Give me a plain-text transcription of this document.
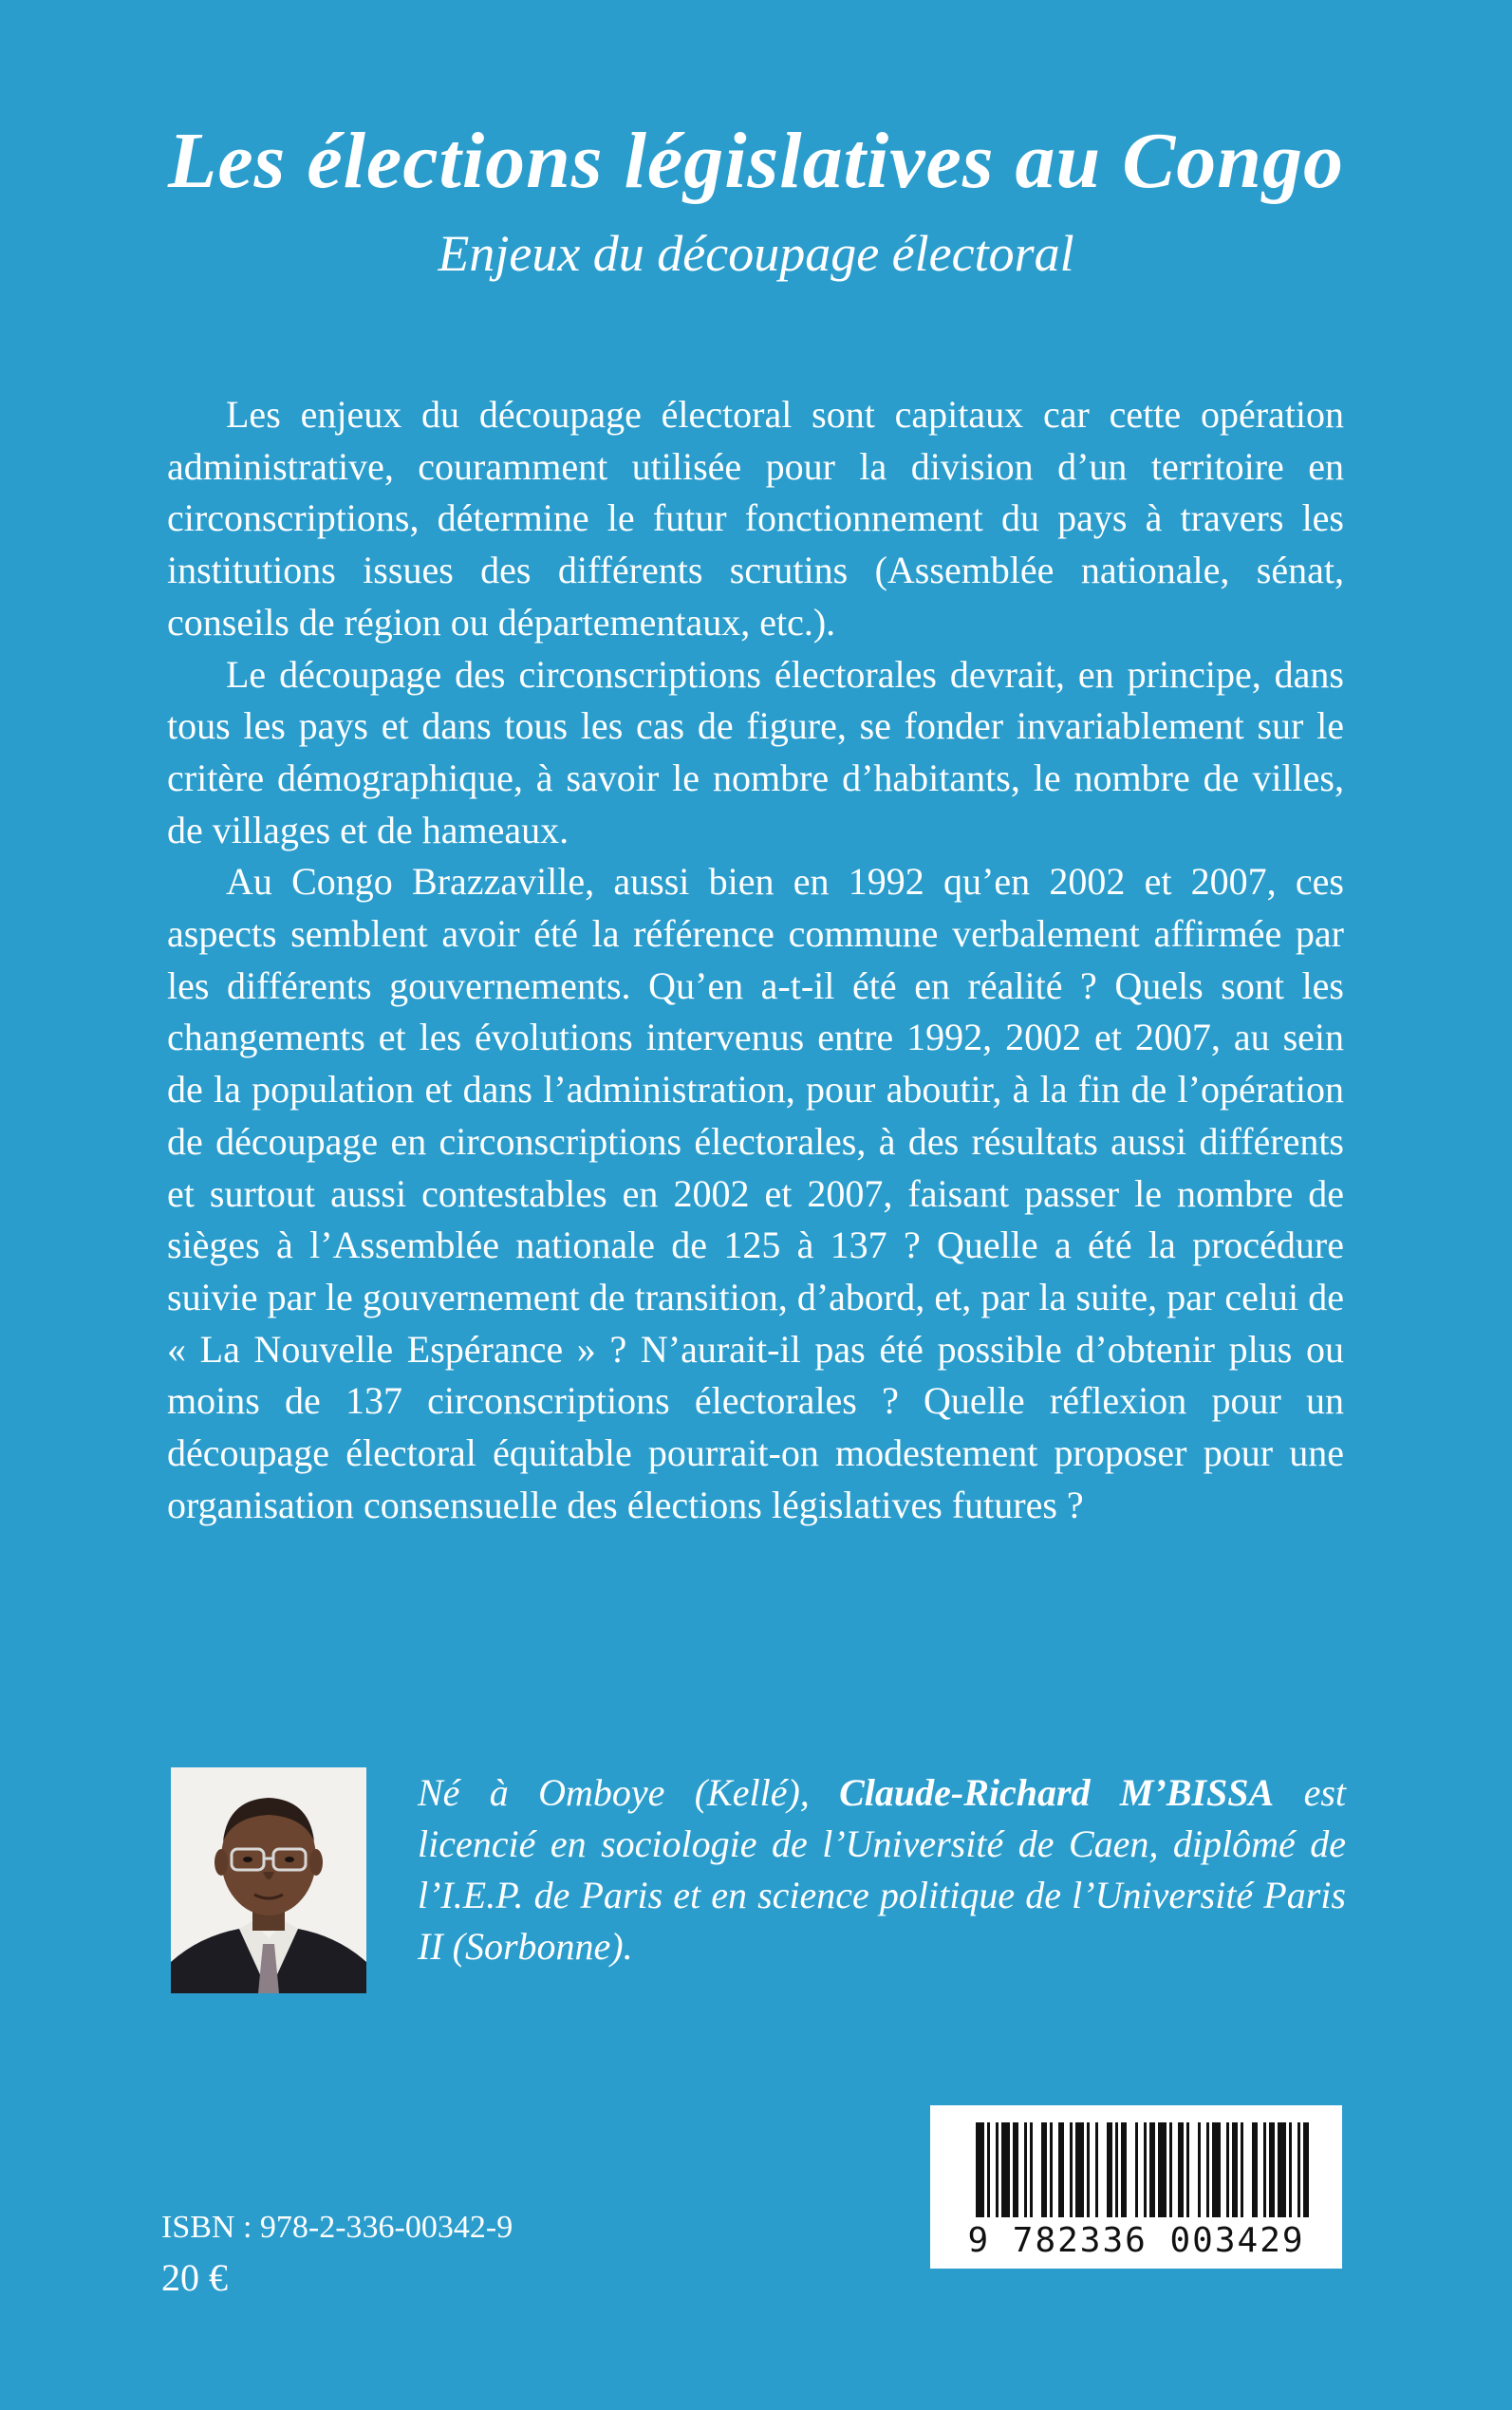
Les élections législatives au Congo
Enjeux du découpage électoral

Les enjeux du découpage électoral sont capitaux car cette opération administrative, couramment utilisée pour la division d’un territoire en circonscriptions, détermine le futur fonctionnement du pays à travers les institutions issues des différents scrutins (Assemblée nationale, sénat, conseils de région ou départementaux, etc.).

Le découpage des circonscriptions électorales devrait, en principe, dans tous les pays et dans tous les cas de figure, se fonder invariablement sur le critère démographique, à savoir le nombre d’habitants, le nombre de villes, de villages et de hameaux.

Au Congo Brazzaville, aussi bien en 1992 qu’en 2002 et 2007, ces aspects semblent avoir été la référence commune verbalement affirmée par les différents gouvernements. Qu’en a-t-il été en réalité ? Quels sont les changements et les évolutions intervenus entre 1992, 2002 et 2007, au sein de la population et dans l’administration, pour aboutir, à la fin de l’opération de découpage en circonscriptions électorales, à des résultats aussi différents et surtout aussi contestables en 2002 et 2007, faisant passer le nombre de sièges à l’Assemblée nationale de 125 à 137 ? Quelle a été la procédure suivie par le gouvernement de transition, d’abord, et, par la suite, par celui de « La Nouvelle Espérance » ? N’aurait-il pas été possible d’obtenir plus ou moins de 137 circonscriptions électorales ? Quelle réflexion pour un découpage électoral équitable pourrait-on modestement proposer pour une organisation consensuelle des élections législatives futures ?

Né à Omboye (Kellé), Claude-Richard M’BISSA est licencié en sociologie de l’Université de Caen, diplômé de l’I.E.P. de Paris et en science politique de l’Université Paris II (Sorbonne).
9 782336 003429
ISBN : 978-2-336-00342-9
20 €
